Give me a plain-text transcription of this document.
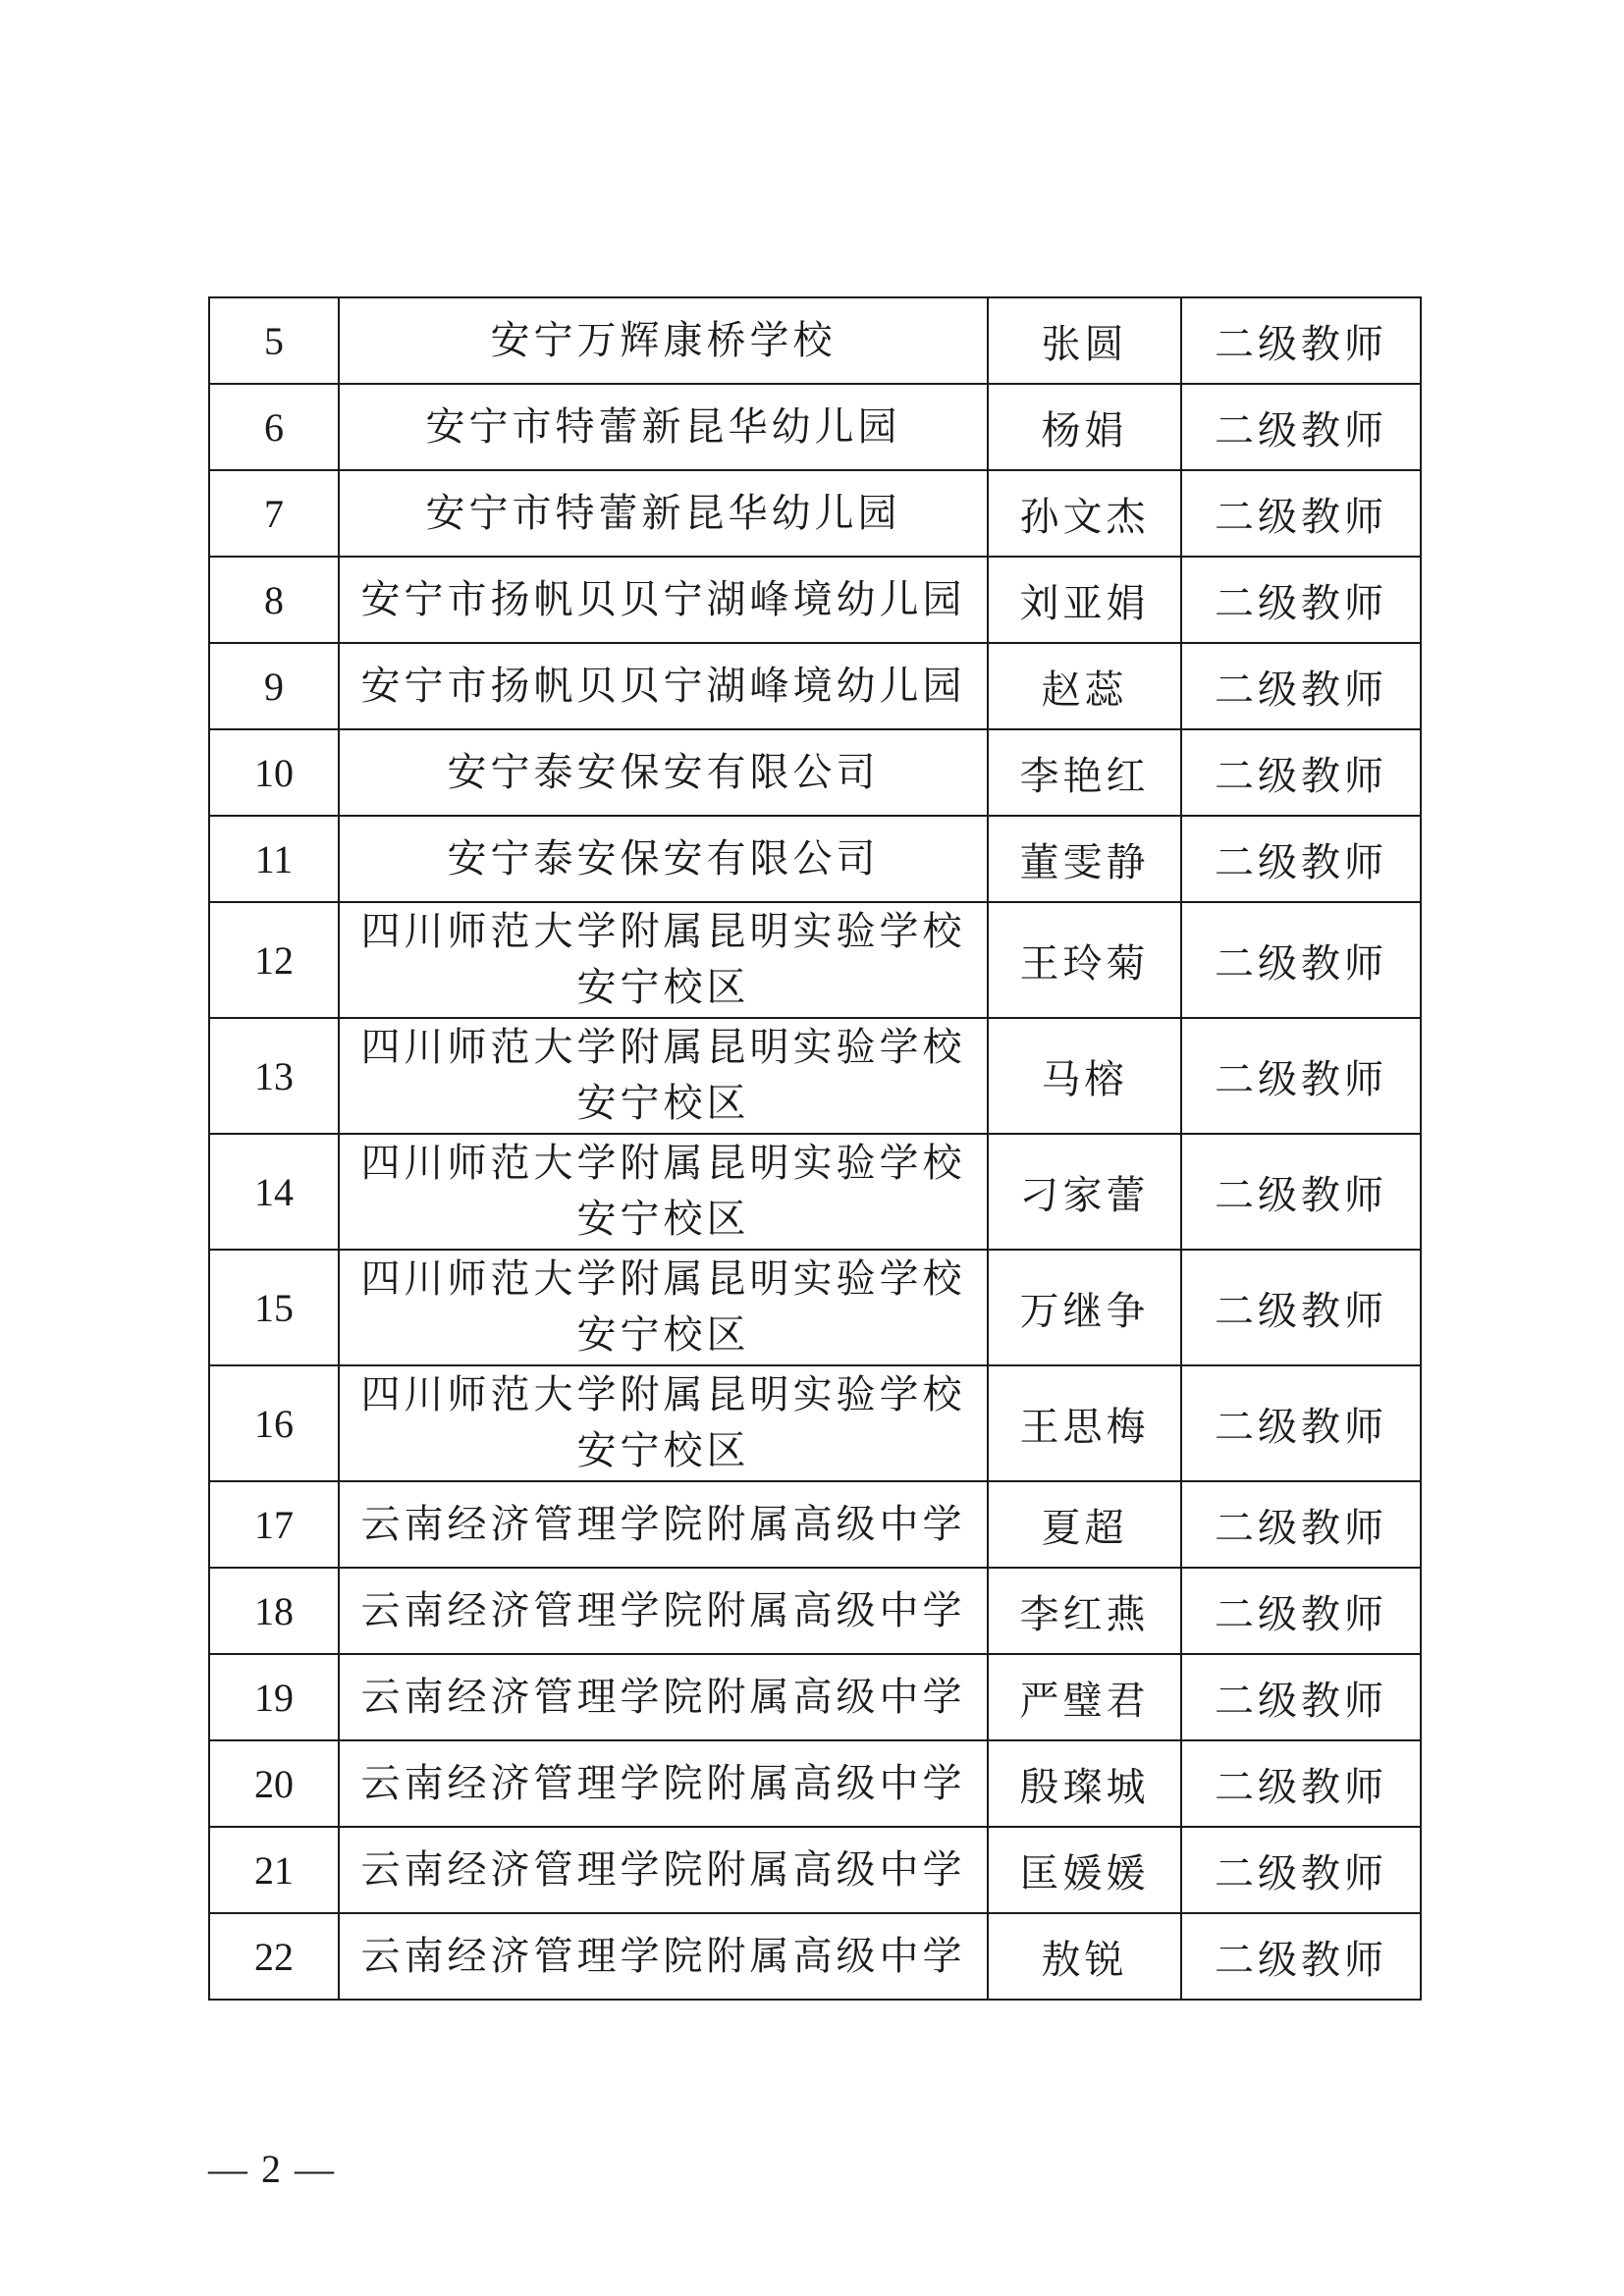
5	安宁万辉康桥学校	张圆	二级教师
6	安宁市特蕾新昆华幼儿园	杨娟	二级教师
7	安宁市特蕾新昆华幼儿园	孙文杰	二级教师
8	安宁市扬帆贝贝宁湖峰境幼儿园	刘亚娟	二级教师
9	安宁市扬帆贝贝宁湖峰境幼儿园	赵蕊	二级教师
10	安宁泰安保安有限公司	李艳红	二级教师
11	安宁泰安保安有限公司	董雯静	二级教师
12	四川师范大学附属昆明实验学校
安宁校区	王玲菊	二级教师
13	四川师范大学附属昆明实验学校
安宁校区	马榕	二级教师
14	四川师范大学附属昆明实验学校
安宁校区	刁家蕾	二级教师
15	四川师范大学附属昆明实验学校
安宁校区	万继争	二级教师
16	四川师范大学附属昆明实验学校
安宁校区	王思梅	二级教师
17	云南经济管理学院附属高级中学	夏超	二级教师
18	云南经济管理学院附属高级中学	李红燕	二级教师
19	云南经济管理学院附属高级中学	严璧君	二级教师
20	云南经济管理学院附属高级中学	殷璨城	二级教师
21	云南经济管理学院附属高级中学	匡媛媛	二级教师
22	云南经济管理学院附属高级中学	敖锐	二级教师
— 2 —
